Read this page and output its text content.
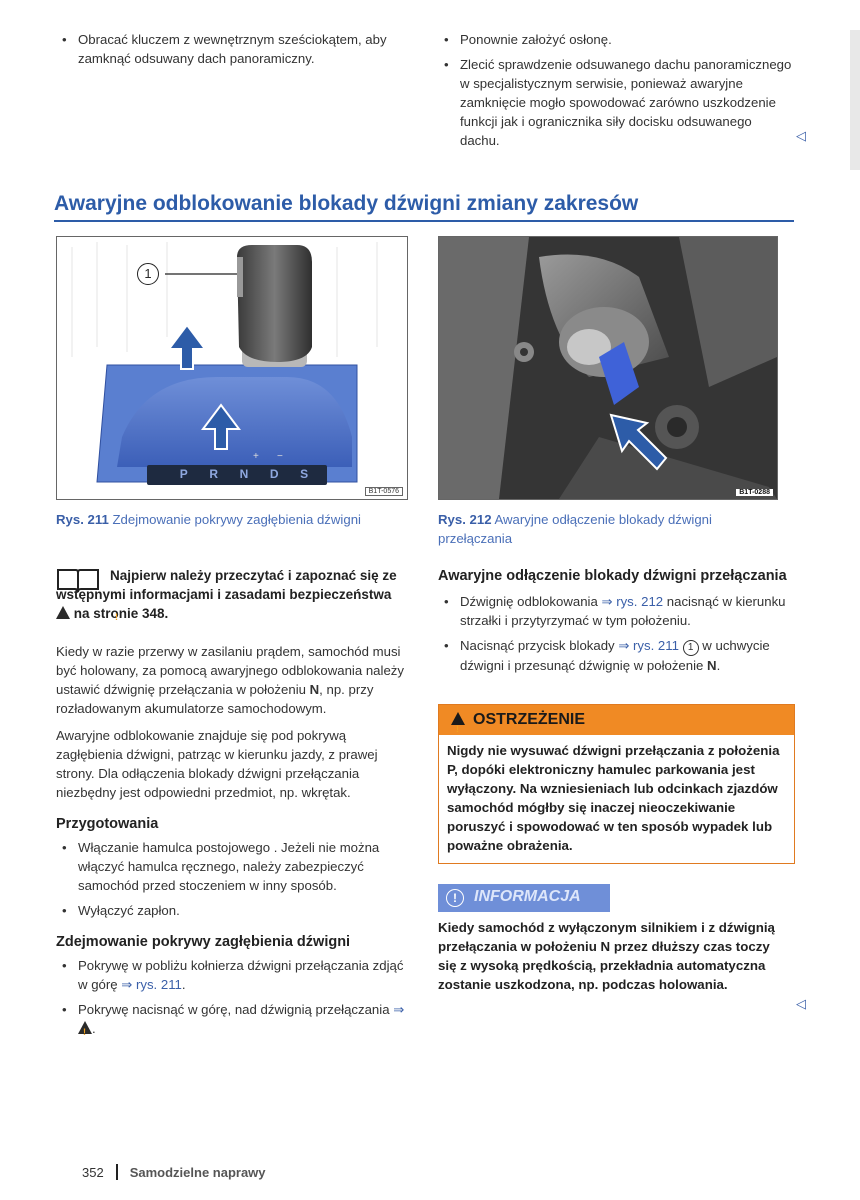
• Obracać kluczem z wewnętrznym sześciokątem, aby zamknąć odsuwany dach panoramiczny.

• Ponownie założyć osłonę.

• Zlecić sprawdzenie odsuwanego dachu panoramicznego w specjalistycznym serwisie, ponieważ awaryjne zamknięcie mogło spowodować zarówno uszkodzenie funkcji jak i ogranicznika siły docisku odsuwanego dachu.	◁
Awaryjne odblokowanie blokady dźwigni zmiany zakresów
1
P R N D S
+ −
B1T-0576
Rys. 211 Zdejmowanie pokrywy zagłębienia dźwigni
B1T-0288
Rys. 212 Awaryjne odłączenie blokady dźwigni przełączania

Najpierw należy przeczytać i zapoznać się ze wstępnymi informacjami i zasadami bezpieczeństwa ! na stronie 348.

Kiedy w razie przerwy w zasilaniu prądem, samochód musi być holowany, za pomocą awaryjnego odblokowania należy ustawić dźwignię przełączania w położeniu N, np. przy rozładowanym akumulatorze samochodowym.

Awaryjne odblokowanie znajduje się pod pokrywą zagłębienia dźwigni, patrząc w kierunku jazdy, z prawej strony. Dla odłączenia blokady dźwigni przełączania niezbędny jest odpowiedni przedmiot, np. wkrętak.

Przygotowania

• Włączanie hamulca postojowego . Jeżeli nie można włączyć hamulca ręcznego, należy zabezpieczyć samochód przed stoczeniem w inny sposób.

• Wyłączyć zapłon.

Zdejmowanie pokrywy zagłębienia dźwigni

• Pokrywę w pobliżu kołnierza dźwigni przełączania zdjąć w górę ⇒ rys. 211.

• Pokrywę nacisnąć w górę, nad dźwignią przełączania ⇒ !.

Awaryjne odłączenie blokady dźwigni przełączania

• Dźwignię odblokowania ⇒ rys. 212 nacisnąć w kierunku strzałki i przytyrzymać w tym położeniu.

• Nacisnąć przycisk blokady ⇒ rys. 211 1 w uchwycie dźwigni i przesunąć dźwignię w położenie N.

!OSTRZEŻENIE

Nigdy nie wysuwać dźwigni przełączania z położenia P, dopóki elektroniczny hamulec parkowania jest wyłączony. Na wzniesieniach lub odcinkach zjazdów samochód mógłby się inaczej nieoczekiwanie poruszyć i spowodować w ten sposób wypadek lub poważne obrażenia.

!	INFORMACJA
Kiedy samochód z wyłączonym silnikiem i z dźwignią przełączania w położeniu N przez dłuższy czas toczy się z wysoką prędkością, przekładnia automatyczna zostanie uszkodzona, np. podczas holowania.
◁
352 Samodzielne naprawy
